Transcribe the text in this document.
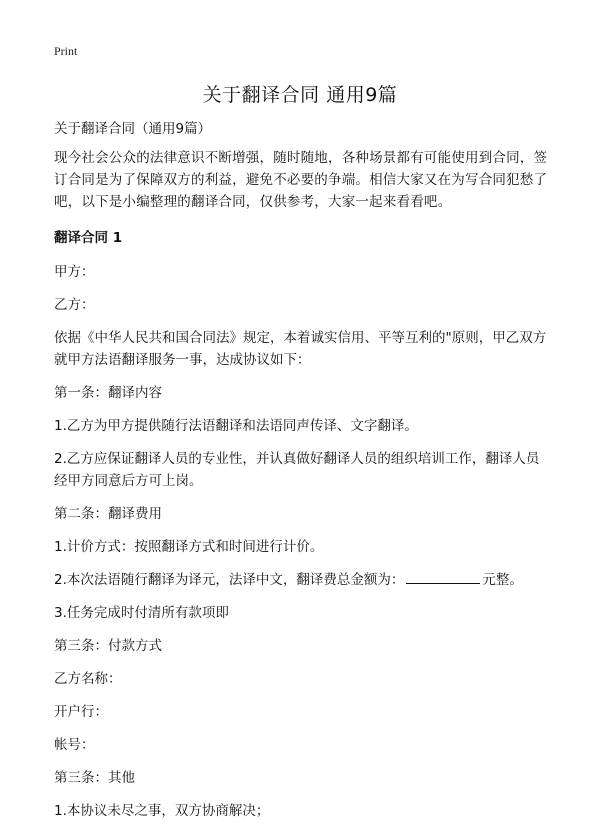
Print
关于翻译合同 通用9篇

关于翻译合同（通用9篇）

现今社会公众的法律意识不断增强，随时随地，各种场景都有可能使用到合同，签订合同是为了保障双方的利益，避免不必要的争端。相信大家又在为写合同犯愁了吧，以下是小编整理的翻译合同，仅供参考，大家一起来看看吧。

翻译合同 1

甲方：

乙方：

依据《中华人民共和国合同法》规定，本着诚实信用、平等互利的"原则，甲乙双方就甲方法语翻译服务一事，达成协议如下：

第一条：翻译内容

1.乙方为甲方提供随行法语翻译和法语同声传译、文字翻译。

2.乙方应保证翻译人员的专业性，并认真做好翻译人员的组织培训工作，翻译人员经甲方同意后方可上岗。

第二条：翻译费用

1.计价方式：按照翻译方式和时间进行计价。

2.本次法语随行翻译为译元，法译中文，翻译费总金额为：	元整。

3.任务完成时付清所有款项即

第三条：付款方式

乙方名称：

开户行：

帐号：

第三条：其他

1.本协议未尽之事，双方协商解决；
